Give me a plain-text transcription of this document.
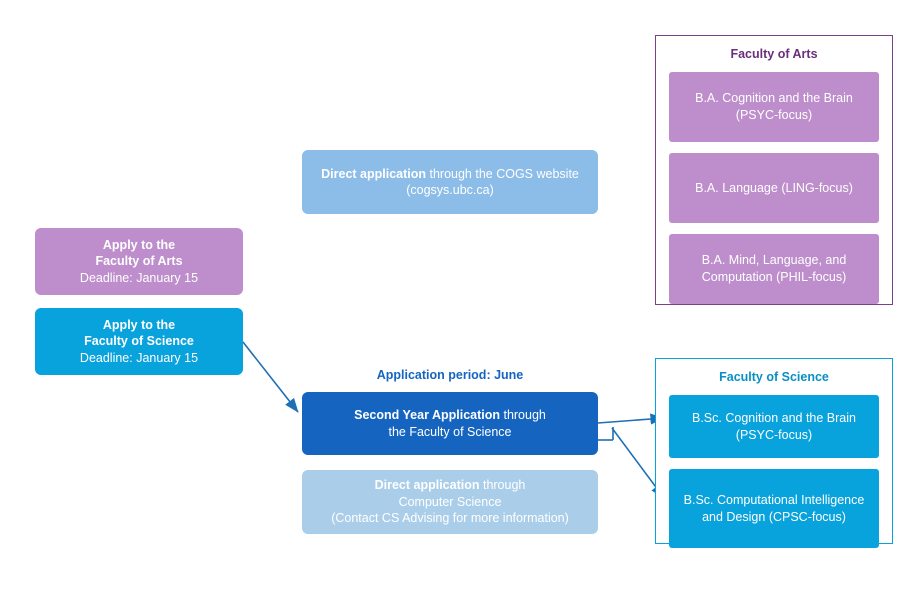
Apply to the
Faculty of Arts
Deadline: January 15
Apply to the
Faculty of Science
Deadline: January 15
Direct application through the COGS website
(cogsys.ubc.ca)
Application period: June
Second Year Application through
the Faculty of Science
Direct application through
Computer Science
(Contact CS Advising for more information)
Faculty of Arts
B.A. Cognition and the Brain (PSYC-focus)
B.A. Language (LING-focus)
B.A. Mind, Language, and Computation (PHIL-focus)
Faculty of Science
B.Sc. Cognition and the Brain (PSYC-focus)
B.Sc. Computational Intelligence and Design (CPSC-focus)
